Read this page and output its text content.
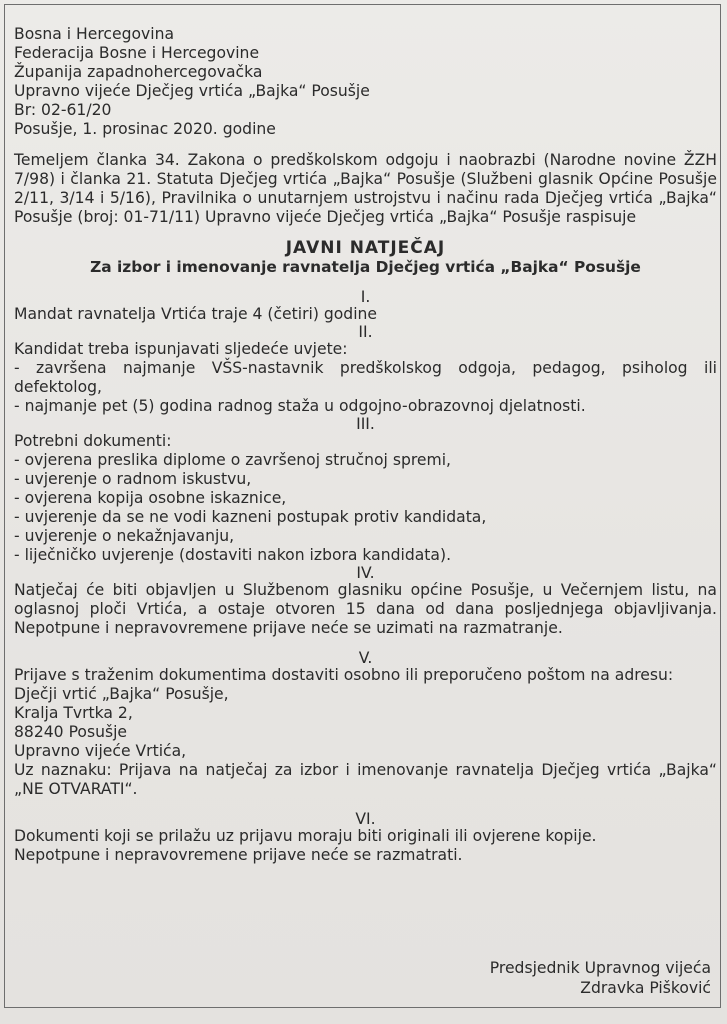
Bosna i Hercegovina
Federacija Bosne i Hercegovine
Županija zapadnohercegovačka
Upravno vijeće Dječjeg vrtića „Bajka“ Posušje
Br: 02-61/20
Posušje, 1. prosinac 2020. godine
Temeljem članka 34. Zakona o predškolskom odgoju i naobrazbi (Narodne novine ŽZH 7/98) i članka 21. Statuta Dječjeg vrtića „Bajka“ Posušje (Službeni glasnik Općine Posušje 2/11, 3/14 i 5/16), Pravilnika o unutarnjem ustrojstvu i načinu rada Dječjeg vrtića „Bajka“ Posušje (broj: 01-71/11) Upravno vijeće Dječjeg vrtića „Bajka“ Posušje raspisuje
JAVNI NATJEČAJ
Za izbor i imenovanje ravnatelja Dječjeg vrtića „Bajka“ Posušje
I.
Mandat ravnatelja Vrtića traje 4 (četiri) godine
II.
Kandidat treba ispunjavati sljedeće uvjete:
- završena najmanje VŠS-nastavnik predškolskog odgoja, pedagog, psiholog ili defektolog,
- najmanje pet (5) godina radnog staža u odgojno-obrazovnoj djelatnosti.
III.
Potrebni dokumenti:
- ovjerena preslika diplome o završenoj stručnoj spremi,
- uvjerenje o radnom iskustvu,
- ovjerena kopija osobne iskaznice,
- uvjerenje da se ne vodi kazneni postupak protiv kandidata,
- uvjerenje o nekažnjavanju,
- liječničko uvjerenje (dostaviti nakon izbora kandidata).
IV.
Natječaj će biti objavljen u Službenom glasniku općine Posušje, u Večernjem listu, na oglasnoj ploči Vrtića, a ostaje otvoren 15 dana od dana posljednjega objavljivanja. Nepotpune i nepravovremene prijave neće se uzimati na razmatranje.
V.
Prijave s traženim dokumentima dostaviti osobno ili preporučeno poštom na adresu:
Dječji vrtić „Bajka“ Posušje,
Kralja Tvrtka 2,
88240 Posušje
Upravno vijeće Vrtića,
Uz naznaku: Prijava na natječaj za izbor i imenovanje ravnatelja Dječjeg vrtića „Bajka“ „NE OTVARATI“.
VI.
Dokumenti koji se prilažu uz prijavu moraju biti originali ili ovjerene kopije.
Nepotpune i nepravovremene prijave neće se razmatrati.
Predsjednik Upravnog vijeća
Zdravka Pišković
